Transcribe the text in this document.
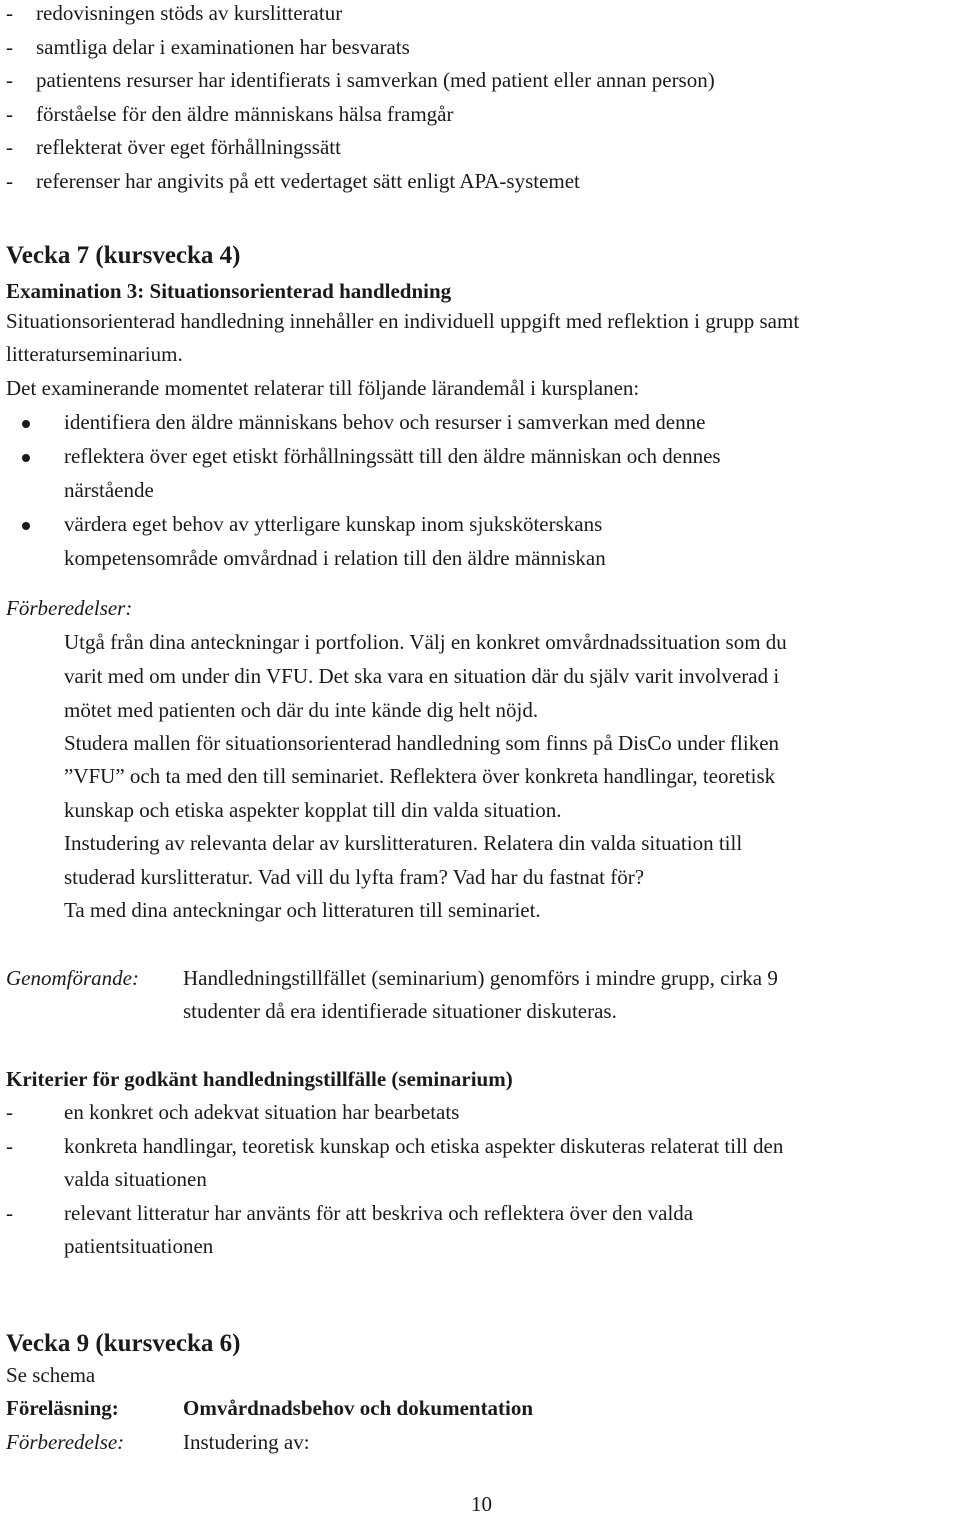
- redovisningen stöds av kurslitteratur
- samtliga delar i examinationen har besvarats
- patientens resurser har identifierats i samverkan (med patient eller annan person)
- förståelse för den äldre människans hälsa framgår
- reflekterat över eget förhållningssätt
- referenser har angivits på ett vedertaget sätt enligt APA-systemet
Vecka 7 (kursvecka 4)
Examination 3: Situationsorienterad handledning
Situationsorienterad handledning innehåller en individuell uppgift med reflektion i grupp samt
litteraturseminarium.
Det examinerande momentet relaterar till följande lärandemål i kursplanen:
identifiera den äldre människans behov och resurser i samverkan med denne
reflektera över eget etiskt förhållningssätt till den äldre människan och dennes
närstående
värdera eget behov av ytterligare kunskap inom sjuksköterskans
kompetensområde omvårdnad i relation till den äldre människan
Förberedelser:
Utgå från dina anteckningar i portfolion. Välj en konkret omvårdnadssituation som du
varit med om under din VFU. Det ska vara en situation där du själv varit involverad i
mötet med patienten och där du inte kände dig helt nöjd.
Studera mallen för situationsorienterad handledning som finns på DisCo under fliken
”VFU” och ta med den till seminariet. Reflektera över konkreta handlingar, teoretisk
kunskap och etiska aspekter kopplat till din valda situation.
Instudering av relevanta delar av kurslitteraturen. Relatera din valda situation till
studerad kurslitteratur. Vad vill du lyfta fram? Vad har du fastnat för?
Ta med dina anteckningar och litteraturen till seminariet.
Genomförande: Handledningstillfället (seminarium) genomförs i mindre grupp, cirka 9
studenter då era identifierade situationer diskuteras.
Kriterier för godkänt handledningstillfälle (seminarium)
- en konkret och adekvat situation har bearbetats
- konkreta handlingar, teoretisk kunskap och etiska aspekter diskuteras relaterat till den
valda situationen
- relevant litteratur har använts för att beskriva och reflektera över den valda
patientsituationen
Vecka 9 (kursvecka 6)
Se schema
Föreläsning:	Omvårdnadsbehov och dokumentation
Förberedelse:	Instudering av:
10
